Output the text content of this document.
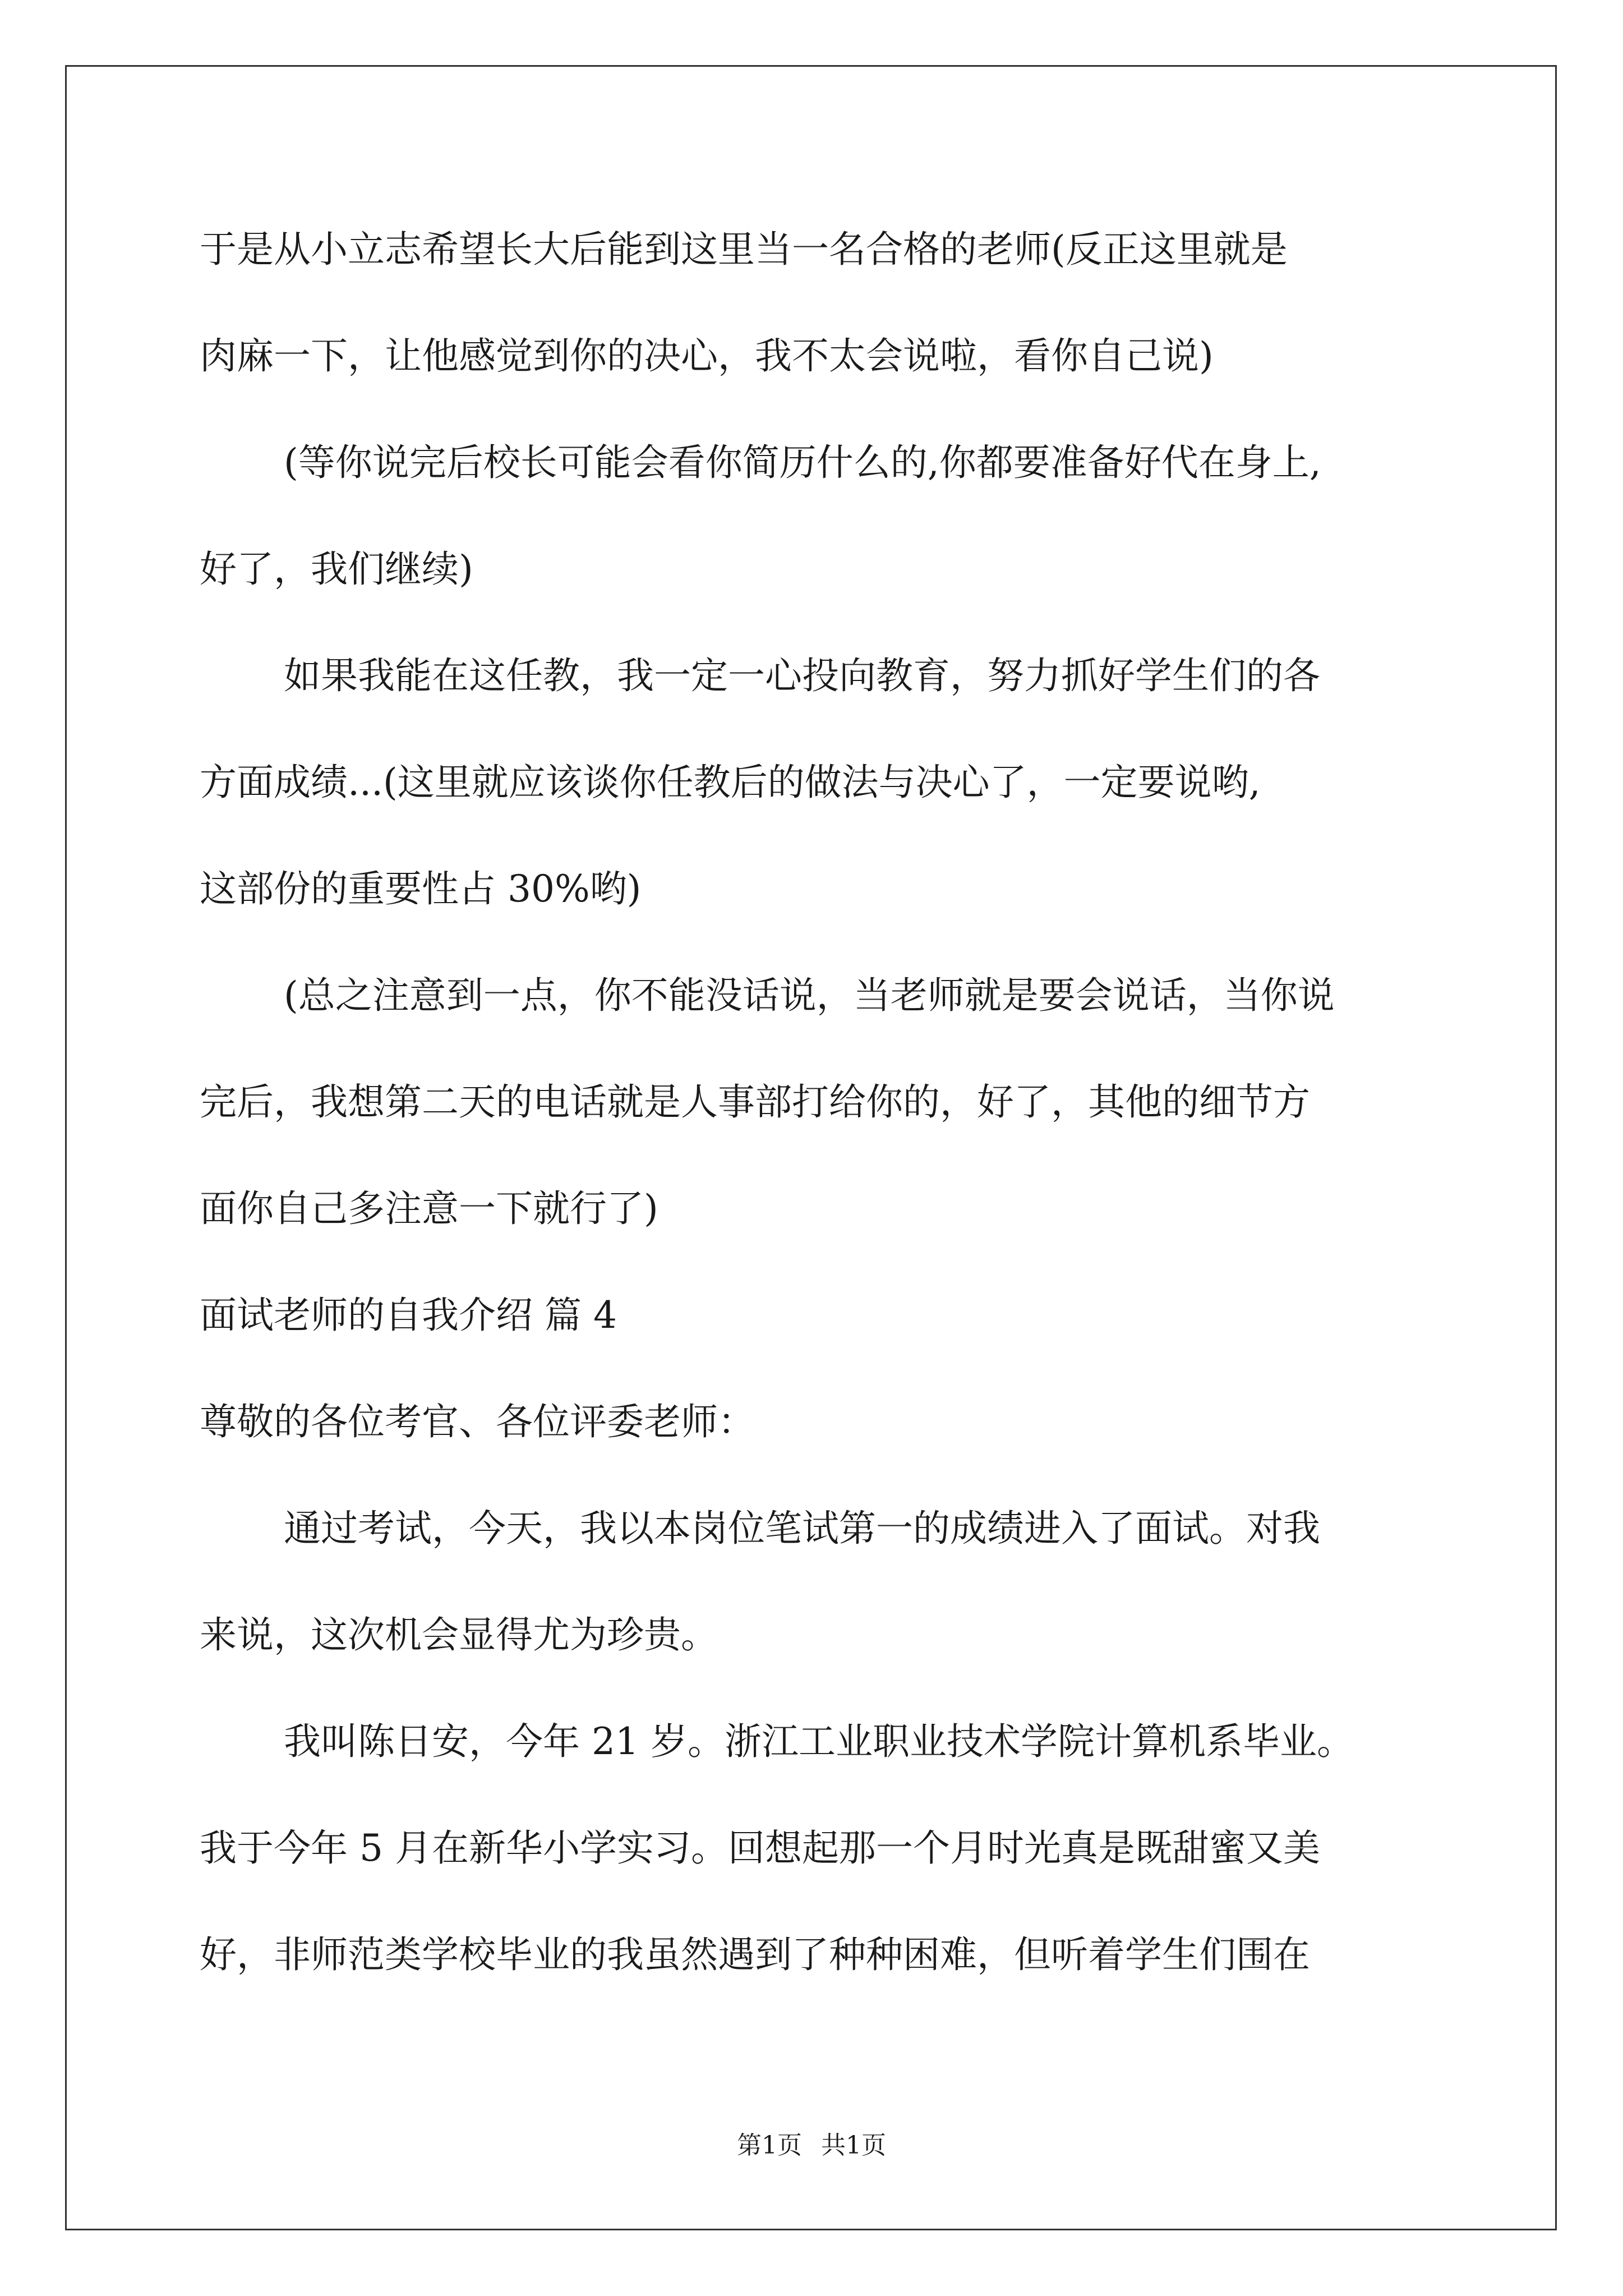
于是从小立志希望长大后能到这里当一名合格的老师(反正这里就是

肉麻一下，让他感觉到你的决心，我不太会说啦，看你自己说)

(等你说完后校长可能会看你简历什么的,你都要准备好代在身上,

好了，我们继续)

如果我能在这任教，我一定一心投向教育，努力抓好学生们的各

方面成绩...(这里就应该谈你任教后的做法与决心了，一定要说哟,

这部份的重要性占 30%哟)

(总之注意到一点，你不能没话说，当老师就是要会说话，当你说

完后，我想第二天的电话就是人事部打给你的，好了，其他的细节方

面你自己多注意一下就行了)

面试老师的自我介绍 篇 4

尊敬的各位考官、各位评委老师：

通过考试，今天，我以本岗位笔试第一的成绩进入了面试。对我

来说，这次机会显得尤为珍贵。

我叫陈日安，今年 21 岁。浙江工业职业技术学院计算机系毕业。

我于今年 5 月在新华小学实习。回想起那一个月时光真是既甜蜜又美

好，非师范类学校毕业的我虽然遇到了种种困难，但听着学生们围在

第1页 共1页
